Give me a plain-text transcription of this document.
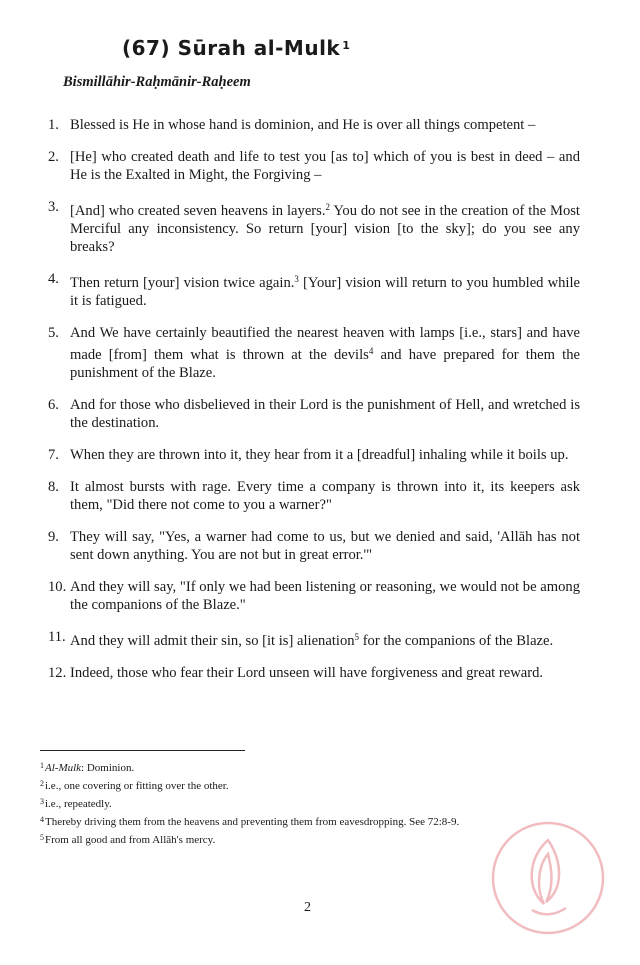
(67) Sūrah al-Mulk $^1$
Bismillāhir-Raḥmānir-Raḥeem
1. Blessed is He in whose hand is dominion, and He is over all things competent –
2. [He] who created death and life to test you [as to] which of you is best in deed – and He is the Exalted in Might, the Forgiving –
3. [And] who created seven heavens in layers.$^2$ You do not see in the creation of the Most Merciful any inconsistency. So return [your] vision [to the sky]; do you see any breaks?
4. Then return [your] vision twice again.$^3$ [Your] vision will return to you humbled while it is fatigued.
5. And We have certainly beautified the nearest heaven with lamps [i.e., stars] and have made [from] them what is thrown at the devils$^4$ and have prepared for them the punishment of the Blaze.
6. And for those who disbelieved in their Lord is the punishment of Hell, and wretched is the destination.
7. When they are thrown into it, they hear from it a [dreadful] inhaling while it boils up.
8. It almost bursts with rage. Every time a company is thrown into it, its keepers ask them, "Did there not come to you a warner?"
9. They will say, "Yes, a warner had come to us, but we denied and said, 'Allāh has not sent down anything. You are not but in great error.'"
10. And they will say, "If only we had been listening or reasoning, we would not be among the companions of the Blaze."
11. And they will admit their sin, so [it is] alienation$^5$ for the companions of the Blaze.
12. Indeed, those who fear their Lord unseen will have forgiveness and great reward.
$^1$Al-Mulk: Dominion.
$^2$i.e., one covering or fitting over the other.
$^3$i.e., repeatedly.
$^4$Thereby driving them from the heavens and preventing them from eavesdropping. See 72:8-9.
$^5$From all good and from Allāh's mercy.
2
